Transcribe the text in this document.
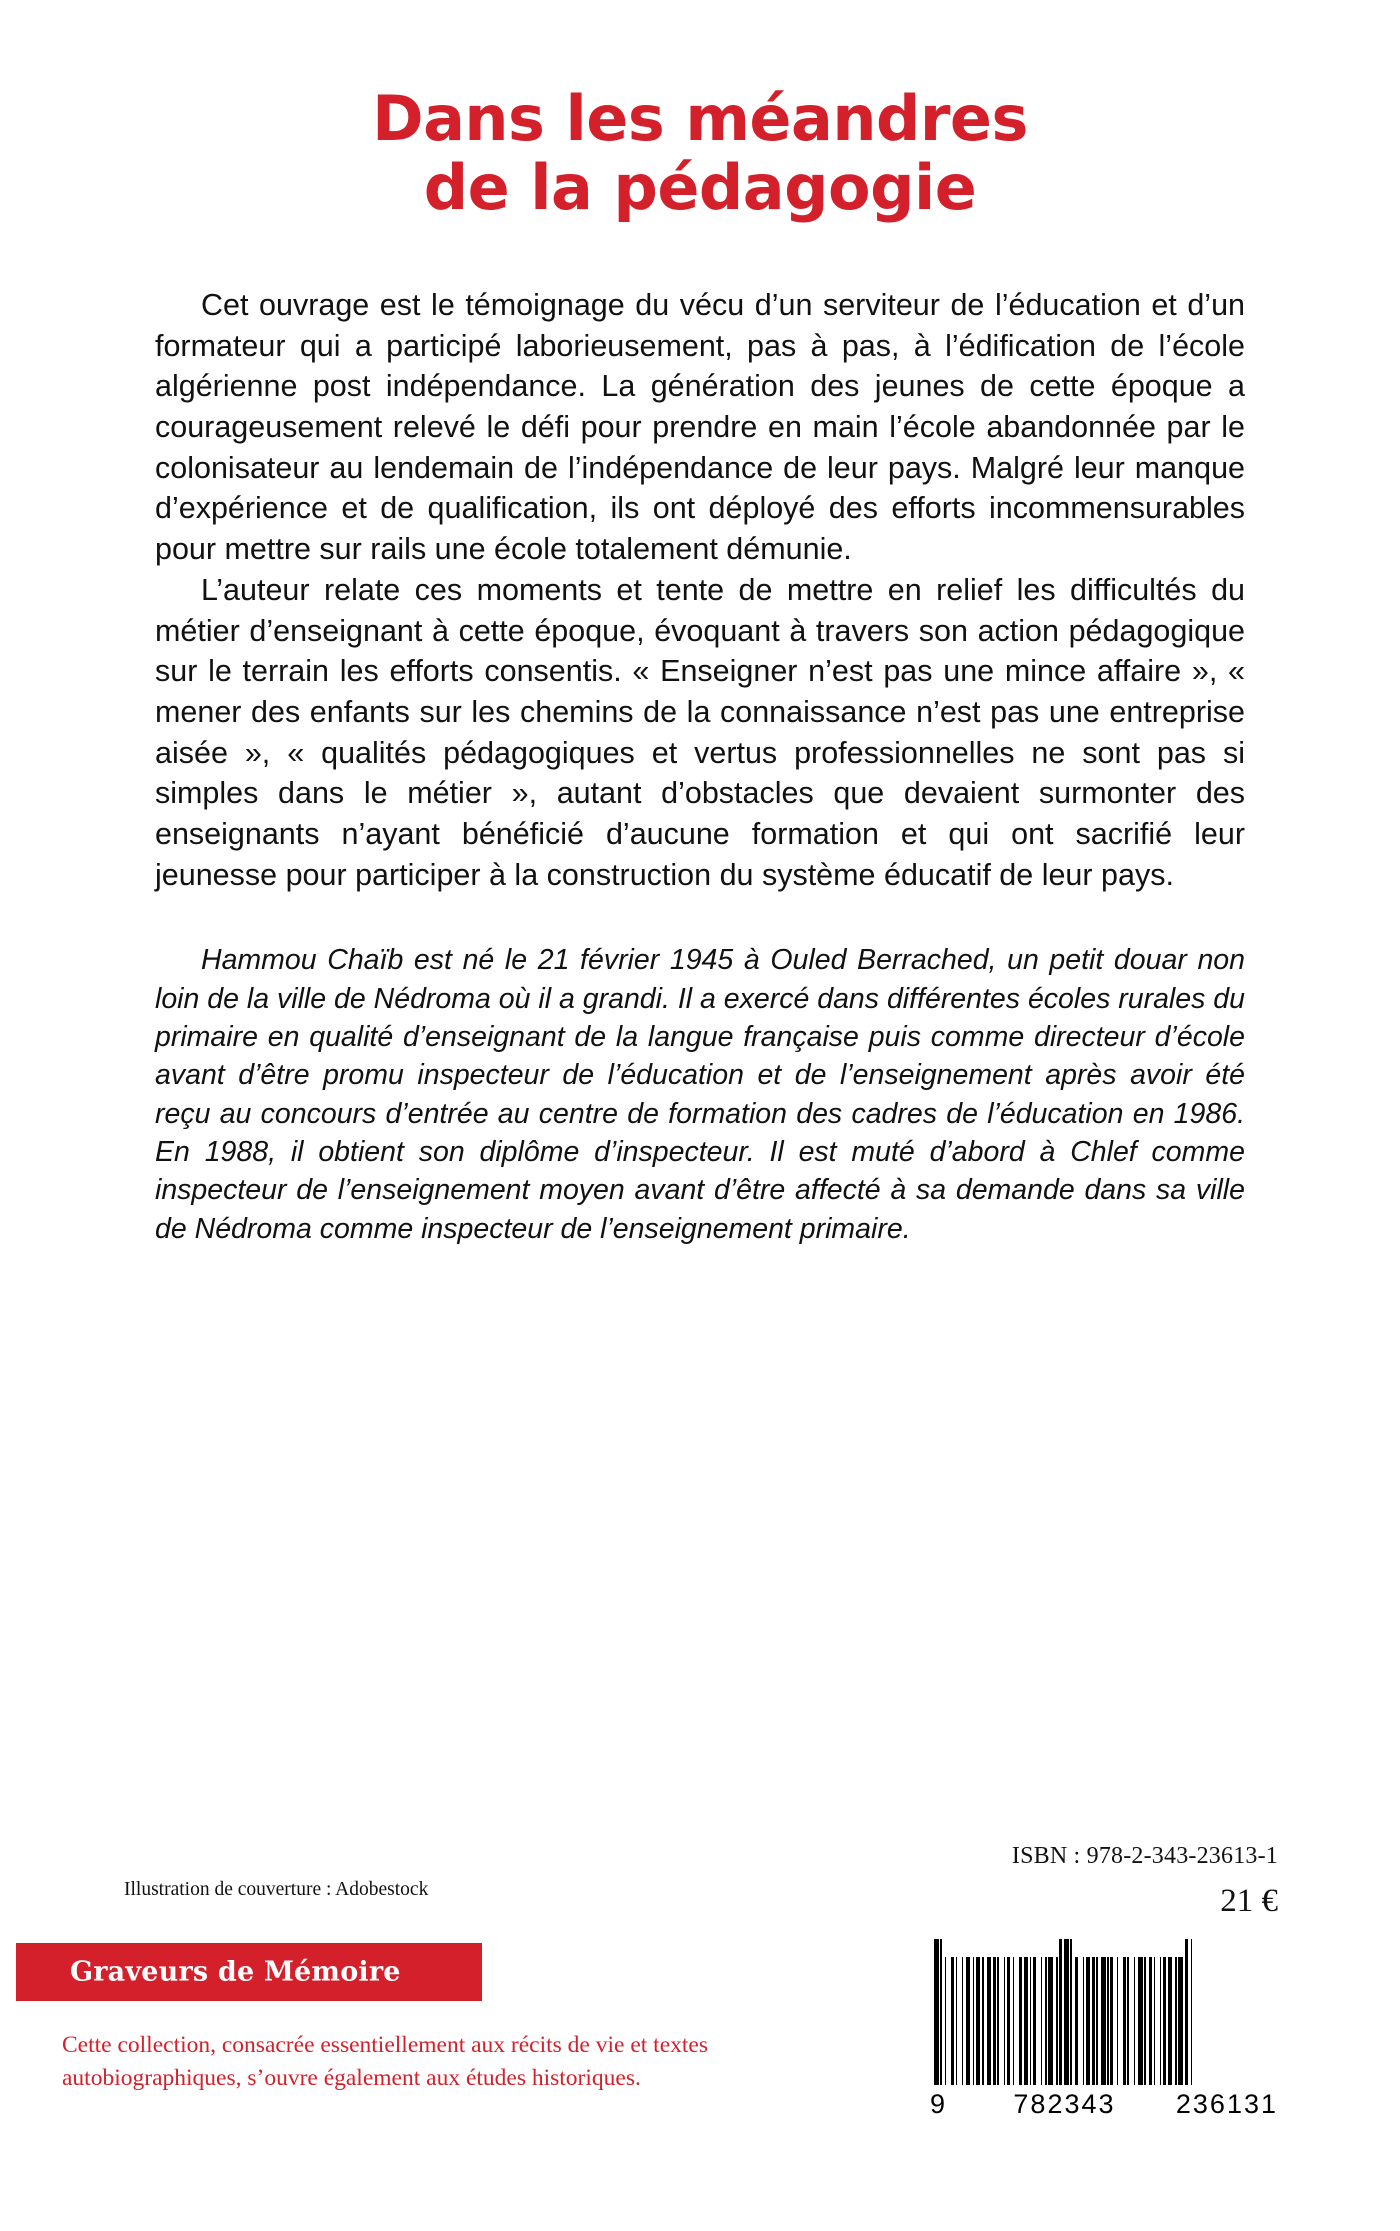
Dans les méandres
de la pédagogie

Cet ouvrage est le témoignage du vécu d’un serviteur de l’éducation et d’un formateur qui a participé laborieusement, pas à pas, à l’édification de l’école algérienne post indépendance. La génération des jeunes de cette époque a courageusement relevé le défi pour prendre en main l’école abandonnée par le colonisateur au lendemain de l’indépendance de leur pays. Malgré leur manque d’expérience et de qualification, ils ont déployé des efforts incommensurables pour mettre sur rails une école totalement démunie.

L’auteur relate ces moments et tente de mettre en relief les difficultés du métier d’enseignant à cette époque, évoquant à travers son action pédagogique sur le terrain les efforts consentis. « Enseigner n’est pas une mince affaire », « mener des enfants sur les chemins de la connaissance n’est pas une entreprise aisée », « qualités pédagogiques et vertus professionnelles ne sont pas si simples dans le métier », autant d’obstacles que devaient surmonter des enseignants n’ayant bénéficié d’aucune formation et qui ont sacrifié leur jeunesse pour participer à la construction du système éducatif de leur pays.

Hammou Chaïb est né le 21 février 1945 à Ouled Berrached, un petit douar non loin de la ville de Nédroma où il a grandi. Il a exercé dans différentes écoles rurales du primaire en qualité d’enseignant de la langue française puis comme directeur d’école avant d’être promu inspecteur de l’éducation et de l’enseignement après avoir été reçu au concours d’entrée au centre de formation des cadres de l’éducation en 1986. En 1988, il obtient son diplôme d’inspecteur. Il est muté d’abord à Chlef comme inspecteur de l’enseignement moyen avant d’être affecté à sa demande dans sa ville de Nédroma comme inspecteur de l’enseignement primaire.

Illustration de couverture : Adobestock
ISBN : 978-2-343-23613-1
21 €
Graveurs de Mémoire
Cette collection, consacrée essentiellement aux récits de vie et textes autobiographiques, s’ouvre également aux études historiques.
9 782343 236131
